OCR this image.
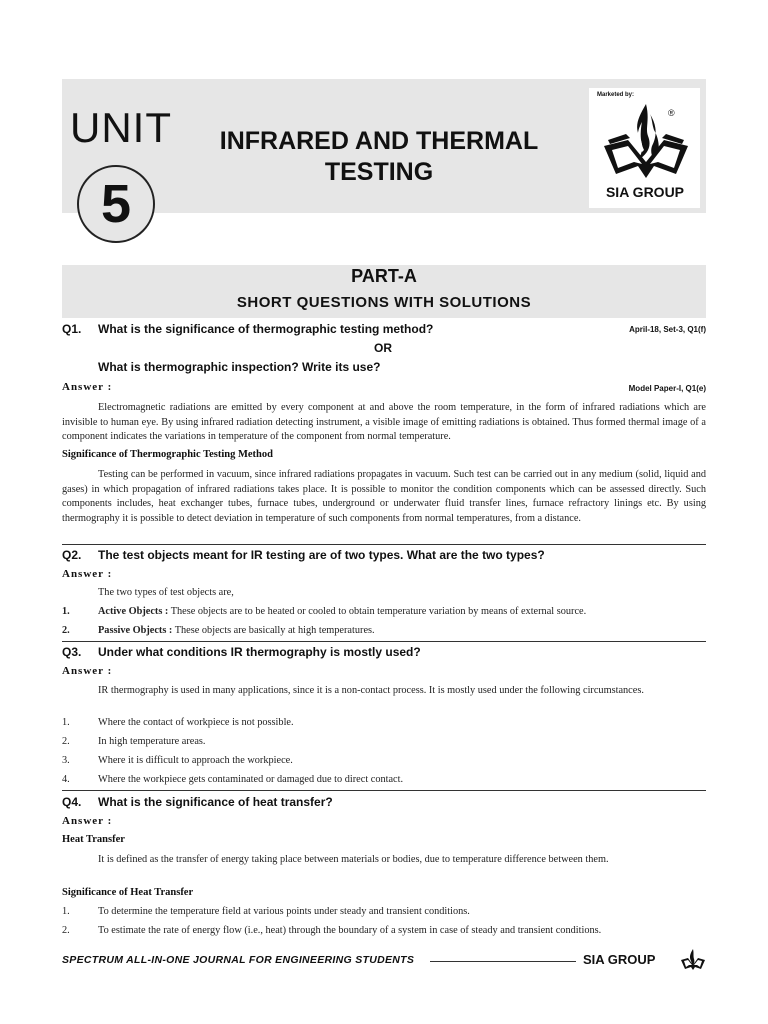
UNIT
5
INFRARED AND THERMAL
TESTING
Marketed by:
®
SIA GROUP
PART-A
SHORT QUESTIONS WITH SOLUTIONS
Q1. What is the significance of thermographic testing method?	April-18, Set-3, Q1(f)
OR
What is thermographic inspection? Write its use?
Answer :	Model Paper-I, Q1(e)
Electromagnetic radiations are emitted by every component at and above the room temperature, in the form of infrared radiations which are invisible to human eye. By using infrared radiation detecting instrument, a visible image of emitting radiations is obtained. Thus formed thermal image of a component indicates the variations in temperature of the component from normal temperature.
Significance of Thermographic Testing Method
Testing can be performed in vacuum, since infrared radiations propagates in vacuum. Such test can be carried out in any medium (solid, liquid and gases) in which propagation of infrared radiations takes place. It is possible to monitor the condition components which can be assessed directly. Such components includes, heat exchanger tubes, furnace tubes, underground or underwater fluid transfer lines, furnace refractory linings etc. By using thermography it is possible to detect deviation in temperature of such components from normal temperatures, from a distance.
Q2. The test objects meant for IR testing are of two types. What are the two types?
Answer :
The two types of test objects are,
1.	Active Objects : These objects are to be heated or cooled to obtain temperature variation by means of external source.
2.	Passive Objects : These objects are basically at high temperatures.
Q3. Under what conditions IR thermography is mostly used?
Answer :
IR thermography is used in many applications, since it is a non-contact process. It is mostly used under the following circumstances.
1.	Where the contact of workpiece is not possible.
2.	In high temperature areas.
3.	Where it is difficult to approach the workpiece.
4.	Where the workpiece gets contaminated or damaged due to direct contact.
Q4. What is the significance of heat transfer?
Answer :
Heat Transfer
It is defined as the transfer of energy taking place between materials or bodies, due to temperature difference between them.
Significance of Heat Transfer
1.	To determine the temperature field at various points under steady and transient conditions.
2.	To estimate the rate of energy flow (i.e., heat) through the boundary of a system in case of steady and transient conditions.
SPECTRUM ALL-IN-ONE JOURNAL FOR ENGINEERING STUDENTS	SIA GROUP
